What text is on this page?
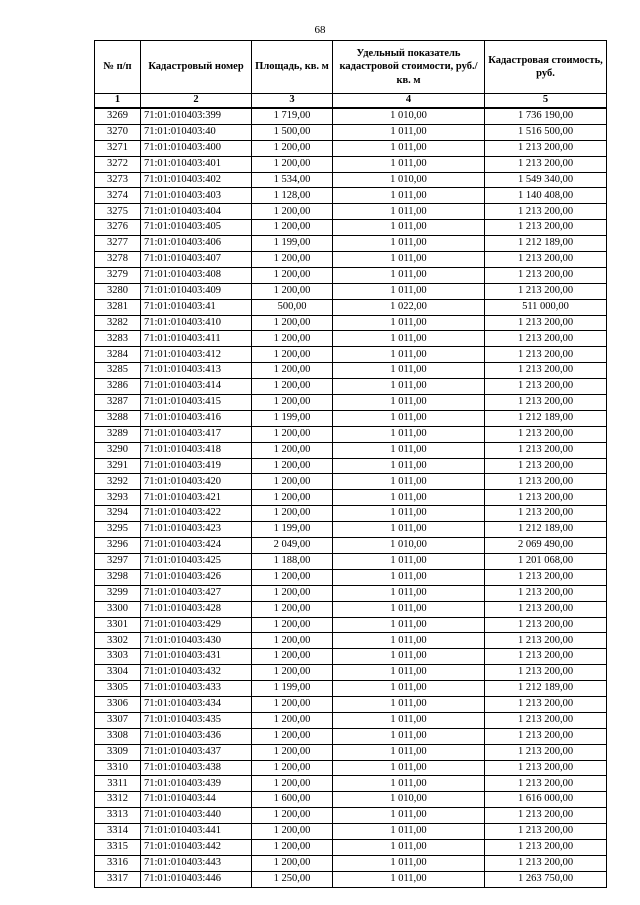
68
№ п/п	Кадастровый номер	Площадь, кв. м	Удельный показатель кадастровой стоимости, руб./кв. м	Кадастровая стоимость, руб.
1	2	3	4	5
3269	71:01:010403:399	1 719,00	1 010,00	1 736 190,00
3270	71:01:010403:40	1 500,00	1 011,00	1 516 500,00
3271	71:01:010403:400	1 200,00	1 011,00	1 213 200,00
3272	71:01:010403:401	1 200,00	1 011,00	1 213 200,00
3273	71:01:010403:402	1 534,00	1 010,00	1 549 340,00
3274	71:01:010403:403	1 128,00	1 011,00	1 140 408,00
3275	71:01:010403:404	1 200,00	1 011,00	1 213 200,00
3276	71:01:010403:405	1 200,00	1 011,00	1 213 200,00
3277	71:01:010403:406	1 199,00	1 011,00	1 212 189,00
3278	71:01:010403:407	1 200,00	1 011,00	1 213 200,00
3279	71:01:010403:408	1 200,00	1 011,00	1 213 200,00
3280	71:01:010403:409	1 200,00	1 011,00	1 213 200,00
3281	71:01:010403:41	500,00	1 022,00	511 000,00
3282	71:01:010403:410	1 200,00	1 011,00	1 213 200,00
3283	71:01:010403:411	1 200,00	1 011,00	1 213 200,00
3284	71:01:010403:412	1 200,00	1 011,00	1 213 200,00
3285	71:01:010403:413	1 200,00	1 011,00	1 213 200,00
3286	71:01:010403:414	1 200,00	1 011,00	1 213 200,00
3287	71:01:010403:415	1 200,00	1 011,00	1 213 200,00
3288	71:01:010403:416	1 199,00	1 011,00	1 212 189,00
3289	71:01:010403:417	1 200,00	1 011,00	1 213 200,00
3290	71:01:010403:418	1 200,00	1 011,00	1 213 200,00
3291	71:01:010403:419	1 200,00	1 011,00	1 213 200,00
3292	71:01:010403:420	1 200,00	1 011,00	1 213 200,00
3293	71:01:010403:421	1 200,00	1 011,00	1 213 200,00
3294	71:01:010403:422	1 200,00	1 011,00	1 213 200,00
3295	71:01:010403:423	1 199,00	1 011,00	1 212 189,00
3296	71:01:010403:424	2 049,00	1 010,00	2 069 490,00
3297	71:01:010403:425	1 188,00	1 011,00	1 201 068,00
3298	71:01:010403:426	1 200,00	1 011,00	1 213 200,00
3299	71:01:010403:427	1 200,00	1 011,00	1 213 200,00
3300	71:01:010403:428	1 200,00	1 011,00	1 213 200,00
3301	71:01:010403:429	1 200,00	1 011,00	1 213 200,00
3302	71:01:010403:430	1 200,00	1 011,00	1 213 200,00
3303	71:01:010403:431	1 200,00	1 011,00	1 213 200,00
3304	71:01:010403:432	1 200,00	1 011,00	1 213 200,00
3305	71:01:010403:433	1 199,00	1 011,00	1 212 189,00
3306	71:01:010403:434	1 200,00	1 011,00	1 213 200,00
3307	71:01:010403:435	1 200,00	1 011,00	1 213 200,00
3308	71:01:010403:436	1 200,00	1 011,00	1 213 200,00
3309	71:01:010403:437	1 200,00	1 011,00	1 213 200,00
3310	71:01:010403:438	1 200,00	1 011,00	1 213 200,00
3311	71:01:010403:439	1 200,00	1 011,00	1 213 200,00
3312	71:01:010403:44	1 600,00	1 010,00	1 616 000,00
3313	71:01:010403:440	1 200,00	1 011,00	1 213 200,00
3314	71:01:010403:441	1 200,00	1 011,00	1 213 200,00
3315	71:01:010403:442	1 200,00	1 011,00	1 213 200,00
3316	71:01:010403:443	1 200,00	1 011,00	1 213 200,00
3317	71:01:010403:446	1 250,00	1 011,00	1 263 750,00
